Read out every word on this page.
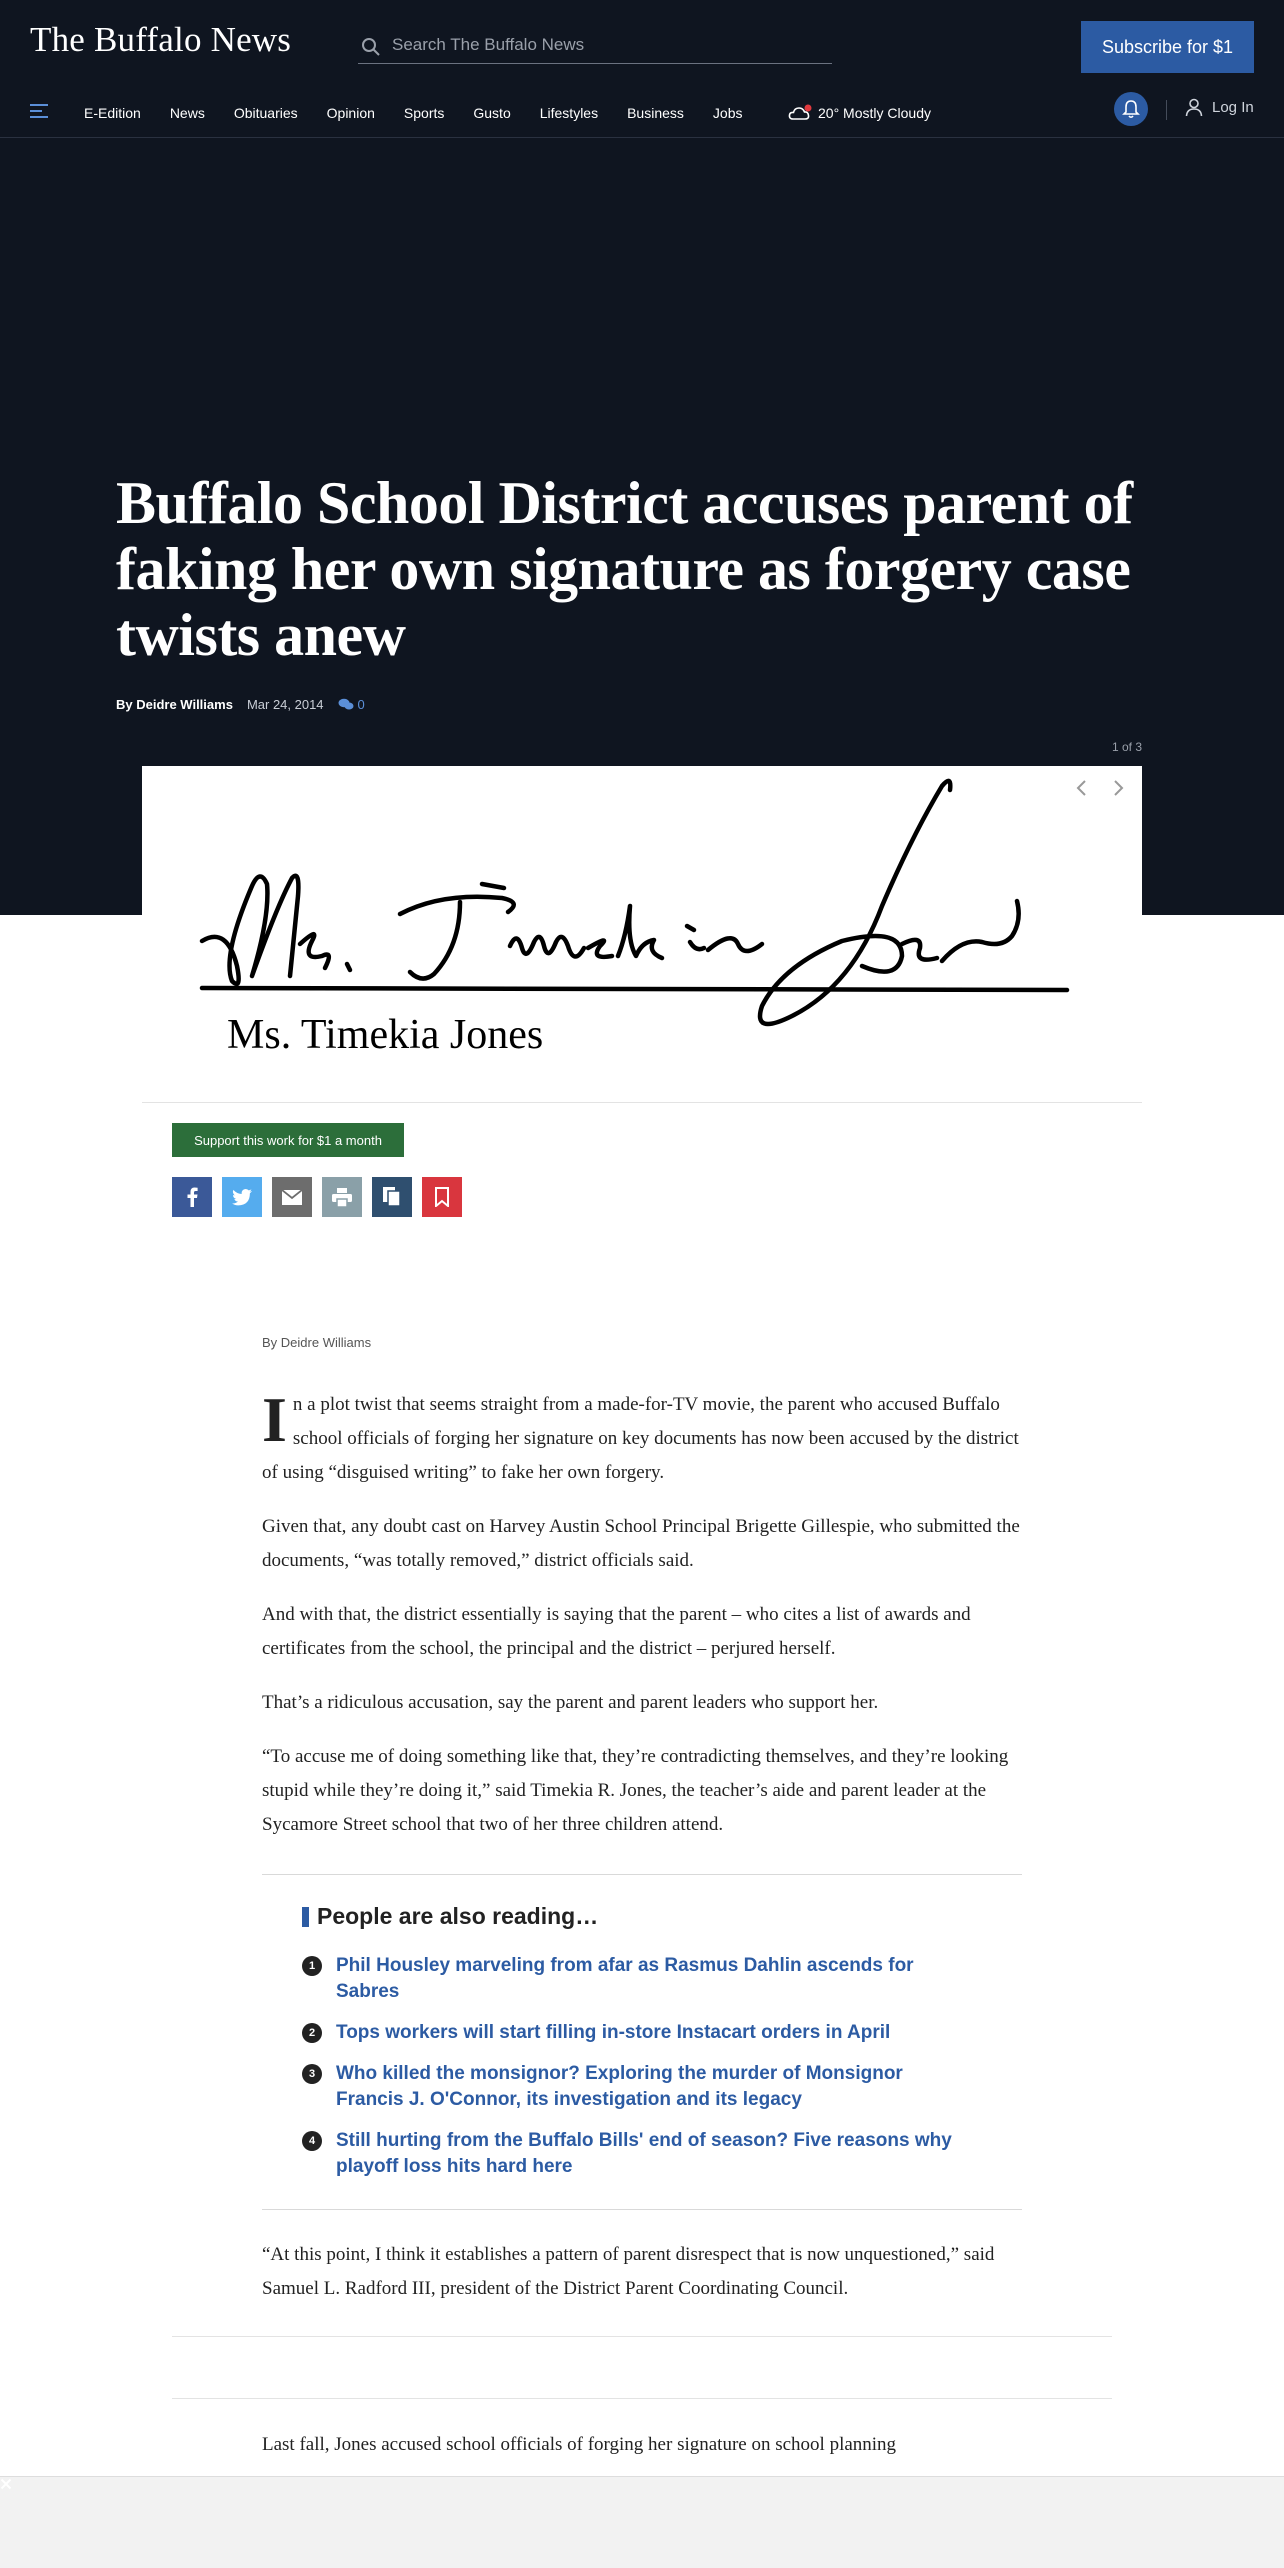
The Buffalo News
Search The Buffalo News	Subscribe for $1
E-Edition News Obituaries Opinion Sports Gusto Lifestyles Business Jobs	20° Mostly Cloudy	Log In
Buffalo School District accuses parent of faking her own signature as forgery case twists anew
By Deidre Williams Mar 24, 2014	0
1 of 3
Ms. Timekia Jones
Support this work for $1 a month
By Deidre Williams

In a plot twist that seems straight from a made-for-TV movie, the parent who accused Buffalo school officials of forging her signature on key documents has now been accused by the district of using “disguised writing” to fake her own forgery.

Given that, any doubt cast on Harvey Austin School Principal Brigette Gillespie, who submitted the documents, “was totally removed,” district officials said.

And with that, the district essentially is saying that the parent – who cites a list of awards and certificates from the school, the principal and the district – perjured herself.

That’s a ridiculous accusation, say the parent and parent leaders who support her.

“To accuse me of doing something like that, they’re contradicting themselves, and they’re looking stupid while they’re doing it,” said Timekia R. Jones, the teacher’s aide and parent leader at the Sycamore Street school that two of her three children attend.

People are also reading…
1	Phil Housley marveling from afar as Rasmus Dahlin ascends for Sabres
2	Tops workers will start filling in-store Instacart orders in April
3	Who killed the monsignor? Exploring the murder of Monsignor Francis J. O'Connor, its investigation and its legacy
4	Still hurting from the Buffalo Bills' end of season? Five reasons why playoff loss hits hard here

“At this point, I think it establishes a pattern of parent disrespect that is now unquestioned,” said Samuel L. Radford III, president of the District Parent Coordinating Council.

Last fall, Jones accused school officials of forging her signature on school planning
